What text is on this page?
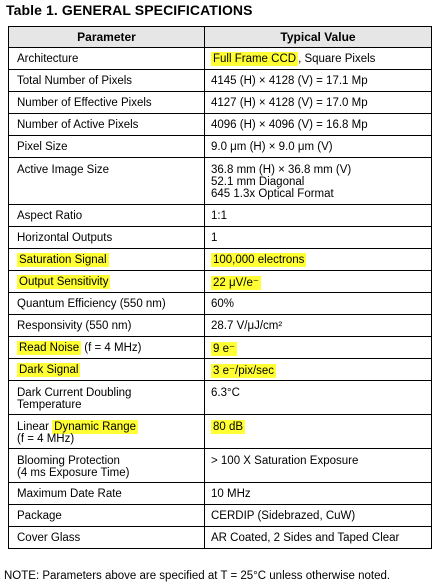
Table 1. GENERAL SPECIFICATIONS
Parameter	Typical Value
Architecture	Full Frame CCD , Square Pixels
Total Number of Pixels	4145 (H) × 4128 (V) = 17.1 Mp
Number of Effective Pixels	4127 (H) × 4128 (V) = 17.0 Mp
Number of Active Pixels	4096 (H) × 4096 (V) = 16.8 Mp
Pixel Size	9.0 μm (H) × 9.0 μm (V)
Active Image Size	36.8 mm (H) × 36.8 mm (V)
52.1 mm Diagonal
645 1.3x Optical Format
Aspect Ratio	1:1
Horizontal Outputs	1
Saturation Signal	100,000 electrons
Output Sensitivity	22 μV/e⁻
Quantum Efficiency (550 nm)	60%
Responsivity (550 nm)	28.7 V/μJ/cm²
Read Noise (f = 4 MHz)	9 e⁻
Dark Signal	3 e⁻/pix/sec
Dark Current Doubling
Temperature	6.3°C
Linear Dynamic Range
(f = 4 MHz)	80 dB
Blooming Protection
(4 ms Exposure Time)	> 100 X Saturation Exposure
Maximum Date Rate	10 MHz
Package	CERDIP (Sidebrazed, CuW)
Cover Glass	AR Coated, 2 Sides and Taped Clear
NOTE: Parameters above are specified at T = 25°C unless otherwise noted.
